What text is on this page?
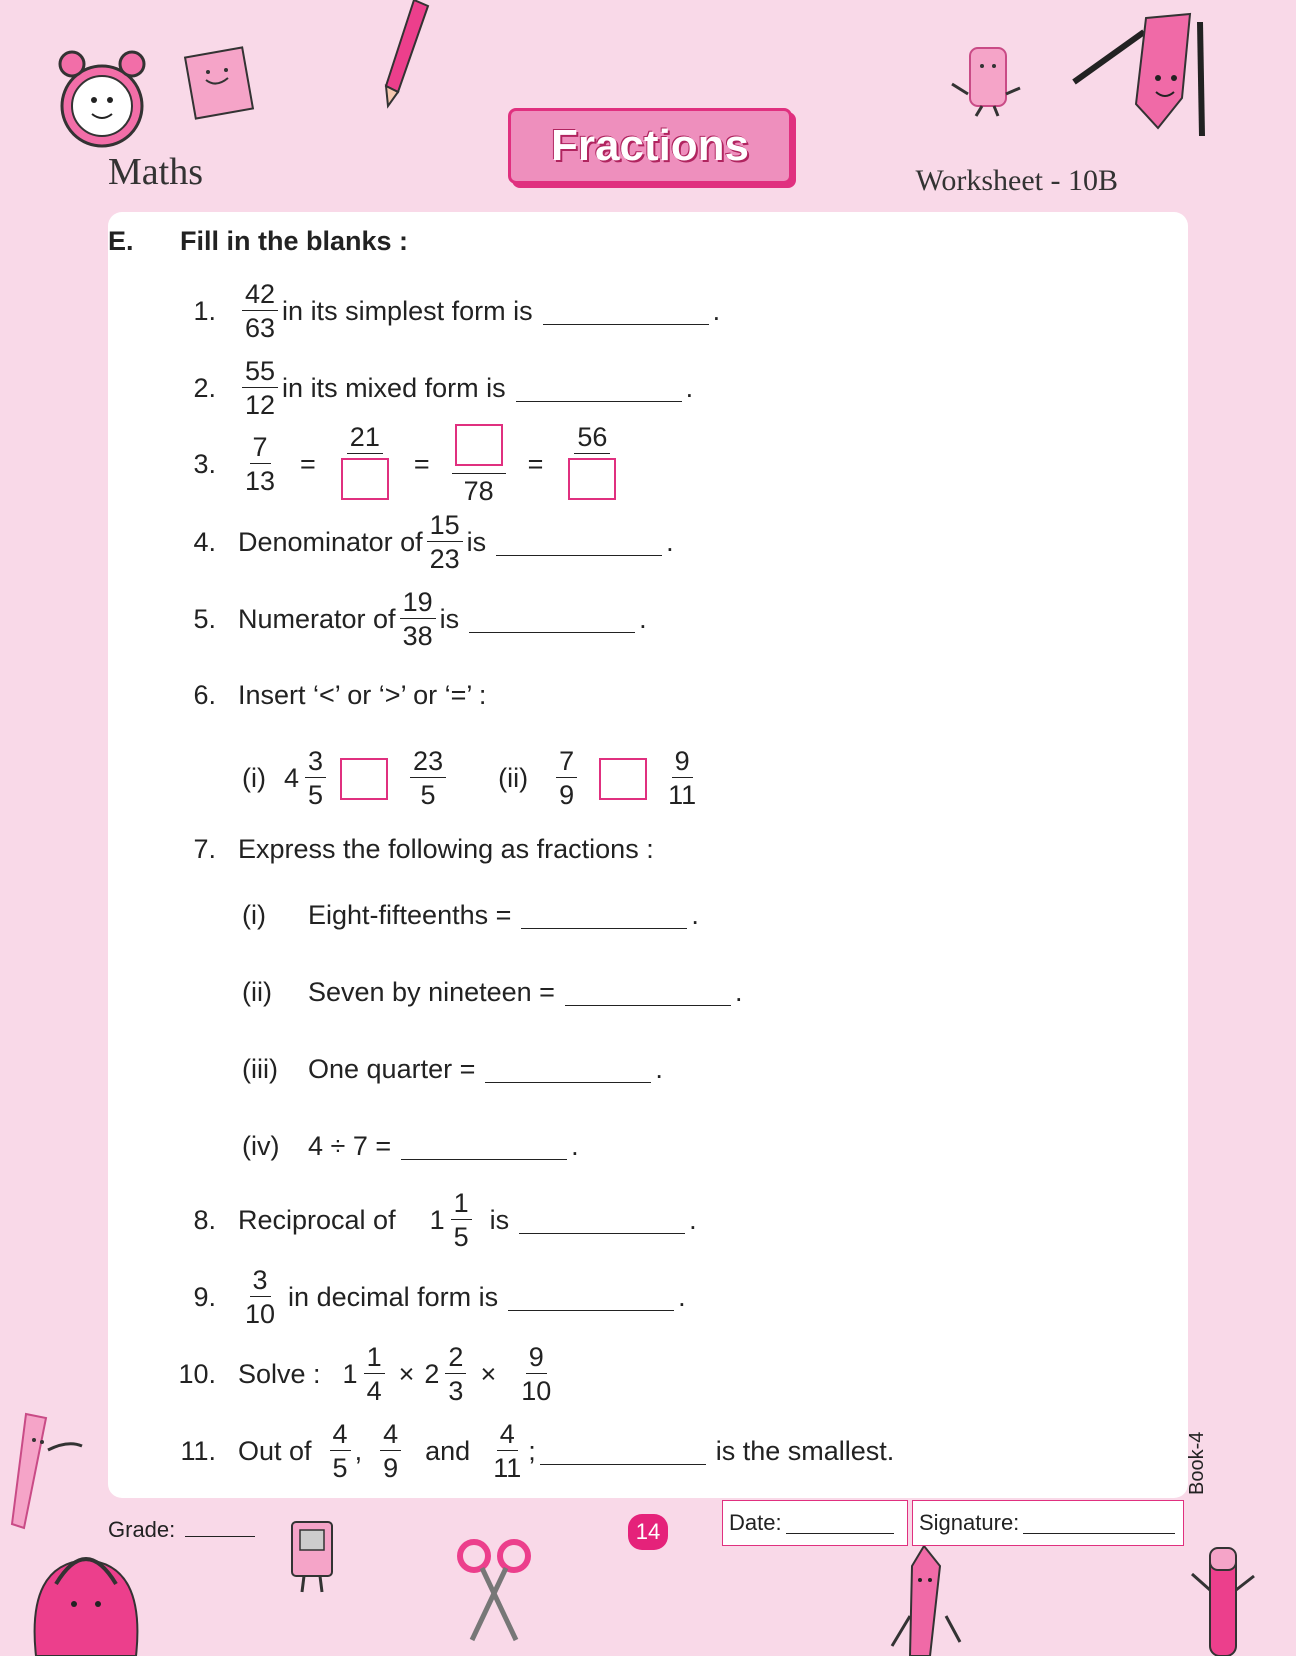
Maths
Fractions
Worksheet - 10B
E. Fill in the blanks :
1. $\frac{42}{63}$ in its simplest form is	.
2. $\frac{55}{12}$ in its mixed form is	.
3. $\frac{7}{13}$ =
21
=
78
=
56
4. Denominator of $\frac{15}{23}$ is	.
5. Numerator of $\frac{19}{38}$ is	.
6. Insert ‘<’ or ‘>’ or ‘=’ :
(i) $4 \frac{3}{5}$	$\frac{23}{5} (ii) \frac{7}{9}$	$\frac{9}{11}$
7. Express the following as fractions :
(i)	Eight-fifteenths =	.
(ii)	Seven by nineteen =	.
(iii)	One quarter =	.
(iv)	4 ÷ 7 =	.
8. Reciprocal of $1 \frac{1}{5}$ is	.
9. $\frac{3}{10}$ in decimal form is	.
10. Solve : $1 \frac{1}{4} \times 2 \frac{2}{3} \times \frac{9}{10}$
11. Out of $\frac{4}{5}$ , $\frac{4}{9}$ and $\frac{4}{11}$ ;	is the smallest.	Book-4
Grade:	14	Date:	Signature:
